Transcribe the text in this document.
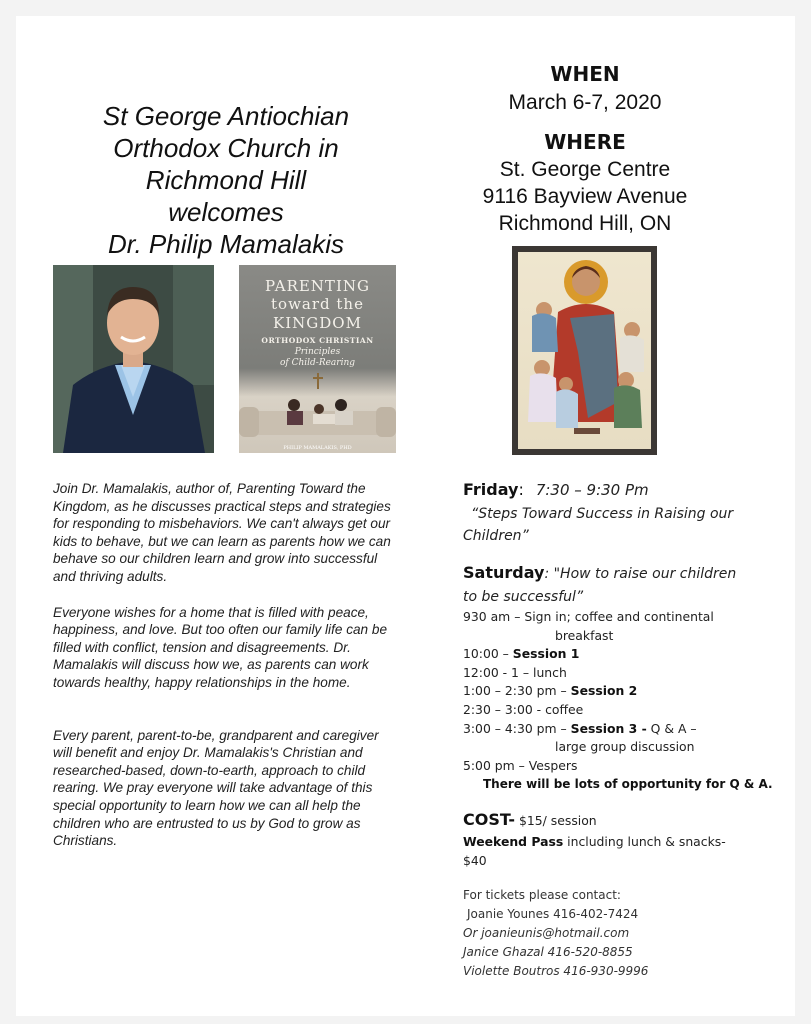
St George Antiochian
Orthodox Church in
Richmond Hill
welcomes
Dr. Philip Mamalakis
PARENTING
toward the
KINGDOM
ORTHODOX CHRISTIAN
Principles
of Child-Rearing
PHILIP MAMALAKIS, PHD

Join Dr. Mamalakis, author of, Parenting Toward the Kingdom, as he discusses practical steps and strategies for responding to misbehaviors. We can't always get our kids to behave, but we can learn as parents how we can behave so our children learn and grow into successful and thriving adults.

Everyone wishes for a home that is filled with peace, happiness, and love. But too often our family life can be filled with conflict, tension and disagreements. Dr. Mamalakis will discuss how we, as parents can work towards healthy, happy relationships in the home.

Every parent, parent-to-be, grandparent and caregiver will benefit and enjoy Dr. Mamalakis's Christian and researched-based, down-to-earth, approach to child rearing. We pray everyone will take advantage of this special opportunity to learn how we can all help the children who are entrusted to us by God to grow as Christians.

WHEN
March 6-7, 2020
WHERE
St. George Centre
9116 Bayview Avenue
Richmond Hill, ON
Friday: 7:30 – 9:30 Pm
“Steps Toward Success in Raising our
Children”
Saturday: "How to raise our children
to be successful”
930 am – Sign in; coffee and continental
breakfast
10:00 – Session 1
12:00 - 1 – lunch
1:00 – 2:30 pm – Session 2
2:30 – 3:00 - coffee
3:00 – 4:30 pm – Session 3 - Q & A –
large group discussion
5:00 pm – Vespers
There will be lots of opportunity for Q & A.
COST- $15/ session
Weekend Pass including lunch & snacks-
$40
For tickets please contact:
Joanie Younes 416-402-7424
Or joanieunis@hotmail.com
Janice Ghazal 416-520-8855
Violette Boutros 416-930-9996
